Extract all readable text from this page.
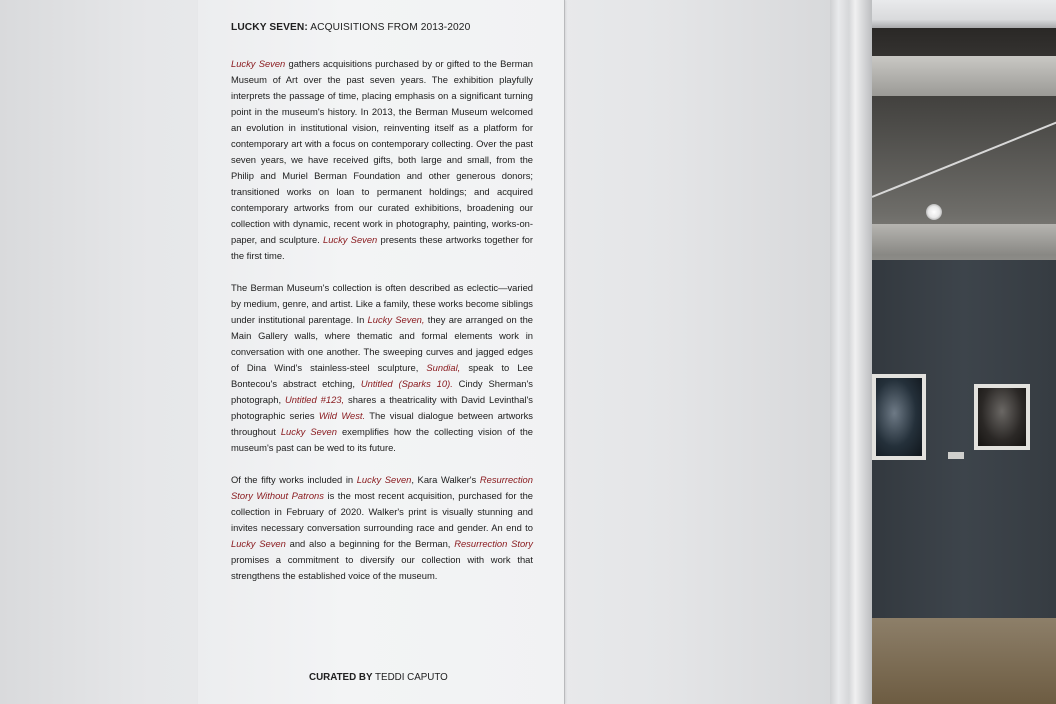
LUCKY SEVEN: ACQUISITIONS FROM 2013-2020

Lucky Seven gathers acquisitions purchased by or gifted to the Berman Museum of Art over the past seven years. The exhibition playfully interprets the passage of time, placing emphasis on a significant turning point in the museum's history. In 2013, the Berman Museum welcomed an evolution in institutional vision, reinventing itself as a platform for contemporary art with a focus on contemporary collecting. Over the past seven years, we have received gifts, both large and small, from the Philip and Muriel Berman Foundation and other generous donors; transitioned works on loan to permanent holdings; and acquired contemporary artworks from our curated exhibitions, broadening our collection with dynamic, recent work in photography, painting, works-on-paper, and sculpture. Lucky Seven presents these artworks together for the first time.

The Berman Museum's collection is often described as eclectic—varied by medium, genre, and artist. Like a family, these works become siblings under institutional parentage. In Lucky Seven, they are arranged on the Main Gallery walls, where thematic and formal elements work in conversation with one another. The sweeping curves and jagged edges of Dina Wind's stainless-steel sculpture, Sundial, speak to Lee Bontecou's abstract etching, Untitled (Sparks 10). Cindy Sherman's photograph, Untitled #123, shares a theatricality with David Levinthal's photographic series Wild West. The visual dialogue between artworks throughout Lucky Seven exemplifies how the collecting vision of the museum's past can be wed to its future.

Of the fifty works included in Lucky Seven, Kara Walker's Resurrection Story Without Patrons is the most recent acquisition, purchased for the collection in February of 2020. Walker's print is visually stunning and invites necessary conversation surrounding race and gender. An end to Lucky Seven and also a beginning for the Berman, Resurrection Story promises a commitment to diversify our collection with work that strengthens the established voice of the museum.

CURATED BY TEDDI CAPUTO
